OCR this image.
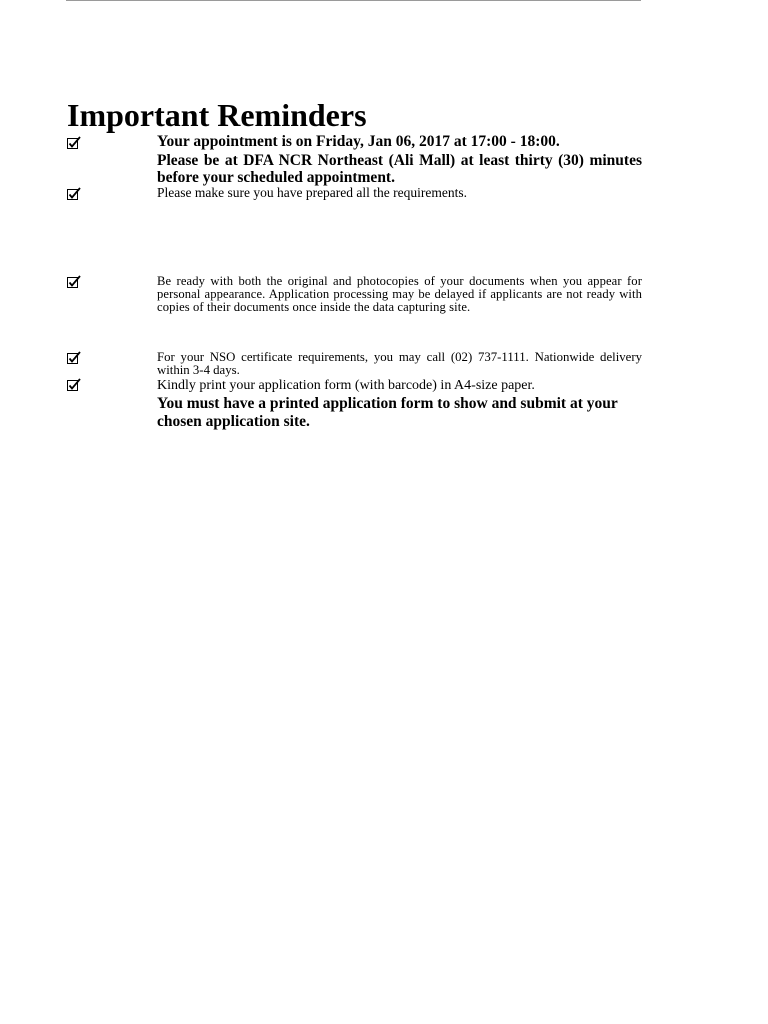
Important Reminders

Your appointment is on Friday, Jan 06, 2017 at 17:00 - 18:00.

Please be at DFA NCR Northeast (Ali Mall) at least thirty (30) minutes before your scheduled appointment.

Please make sure you have prepared all the requirements.

Be ready with both the original and photocopies of your documents when you appear for personal appearance. Application processing may be delayed if applicants are not ready with copies of their documents once inside the data capturing site.

For your NSO certificate requirements, you may call (02) 737-1111. Nationwide delivery within 3-4 days.

Kindly print your application form (with barcode) in A4-size paper.

You must have a printed application form to show and submit at your chosen application site.
